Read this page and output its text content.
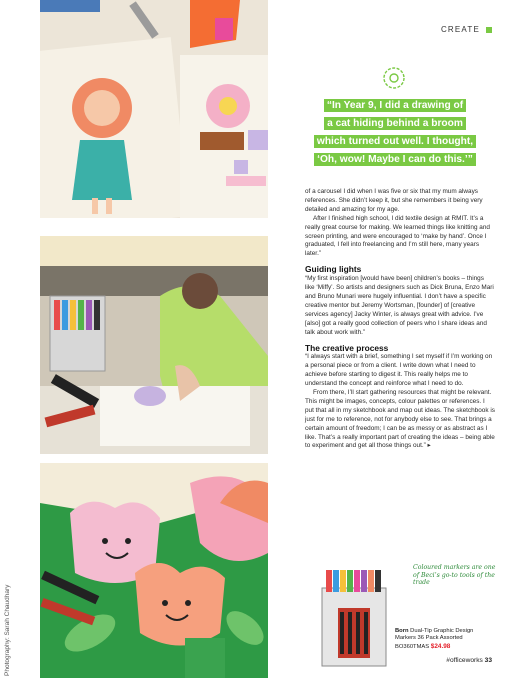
Photography: Sarah Chaudhary
CREATE
“In Year 9, I did a drawing of
a cat hiding behind a broom
which turned out well. I thought,
‘Oh, wow! Maybe I can do this.’”

of a carousel I did when I was five or six that my mum always references. She didn’t keep it, but she remembers it being very detailed and amazing for my age.

After I finished high school, I did textile design at RMIT. It’s a really great course for making. We learned things like knitting and screen printing, and were encouraged to ‘make by hand’. Once I graduated, I fell into freelancing and I’m still here, many years later.”

Guiding lights

“My first inspiration [would have been] children’s books – things like ‘Miffy’. So artists and designers such as Dick Bruna, Enzo Mari and Bruno Munari were hugely influential. I don’t have a specific creative mentor but Jeremy Wortsman, [founder] of [creative services agency] Jacky Winter, is always great with advice. I’ve [also] got a really good collection of peers who I share ideas and talk about work with.”

The creative process

“I always start with a brief, something I set myself if I’m working on a personal piece or from a client. I write down what I need to achieve before starting to digest it. This really helps me to understand the concept and reinforce what I need to do.

From there, I’ll start gathering resources that might be relevant. This might be images, concepts, colour palettes or references. I put that all in my sketchbook and map out ideas. The sketchbook is just for me to reference, not for anybody else to see. That brings a certain amount of freedom; I can be as messy or as abstract as I like. That’s a really important part of creating the ideas – being able to experiment and get all those things out.” ▸

Coloured markers are one of Beci’s go-to tools of the trade
Born Dual-Tip Graphic Design Markers 36 Pack Assorted BO360TMAS $24.98
#officeworks 33
